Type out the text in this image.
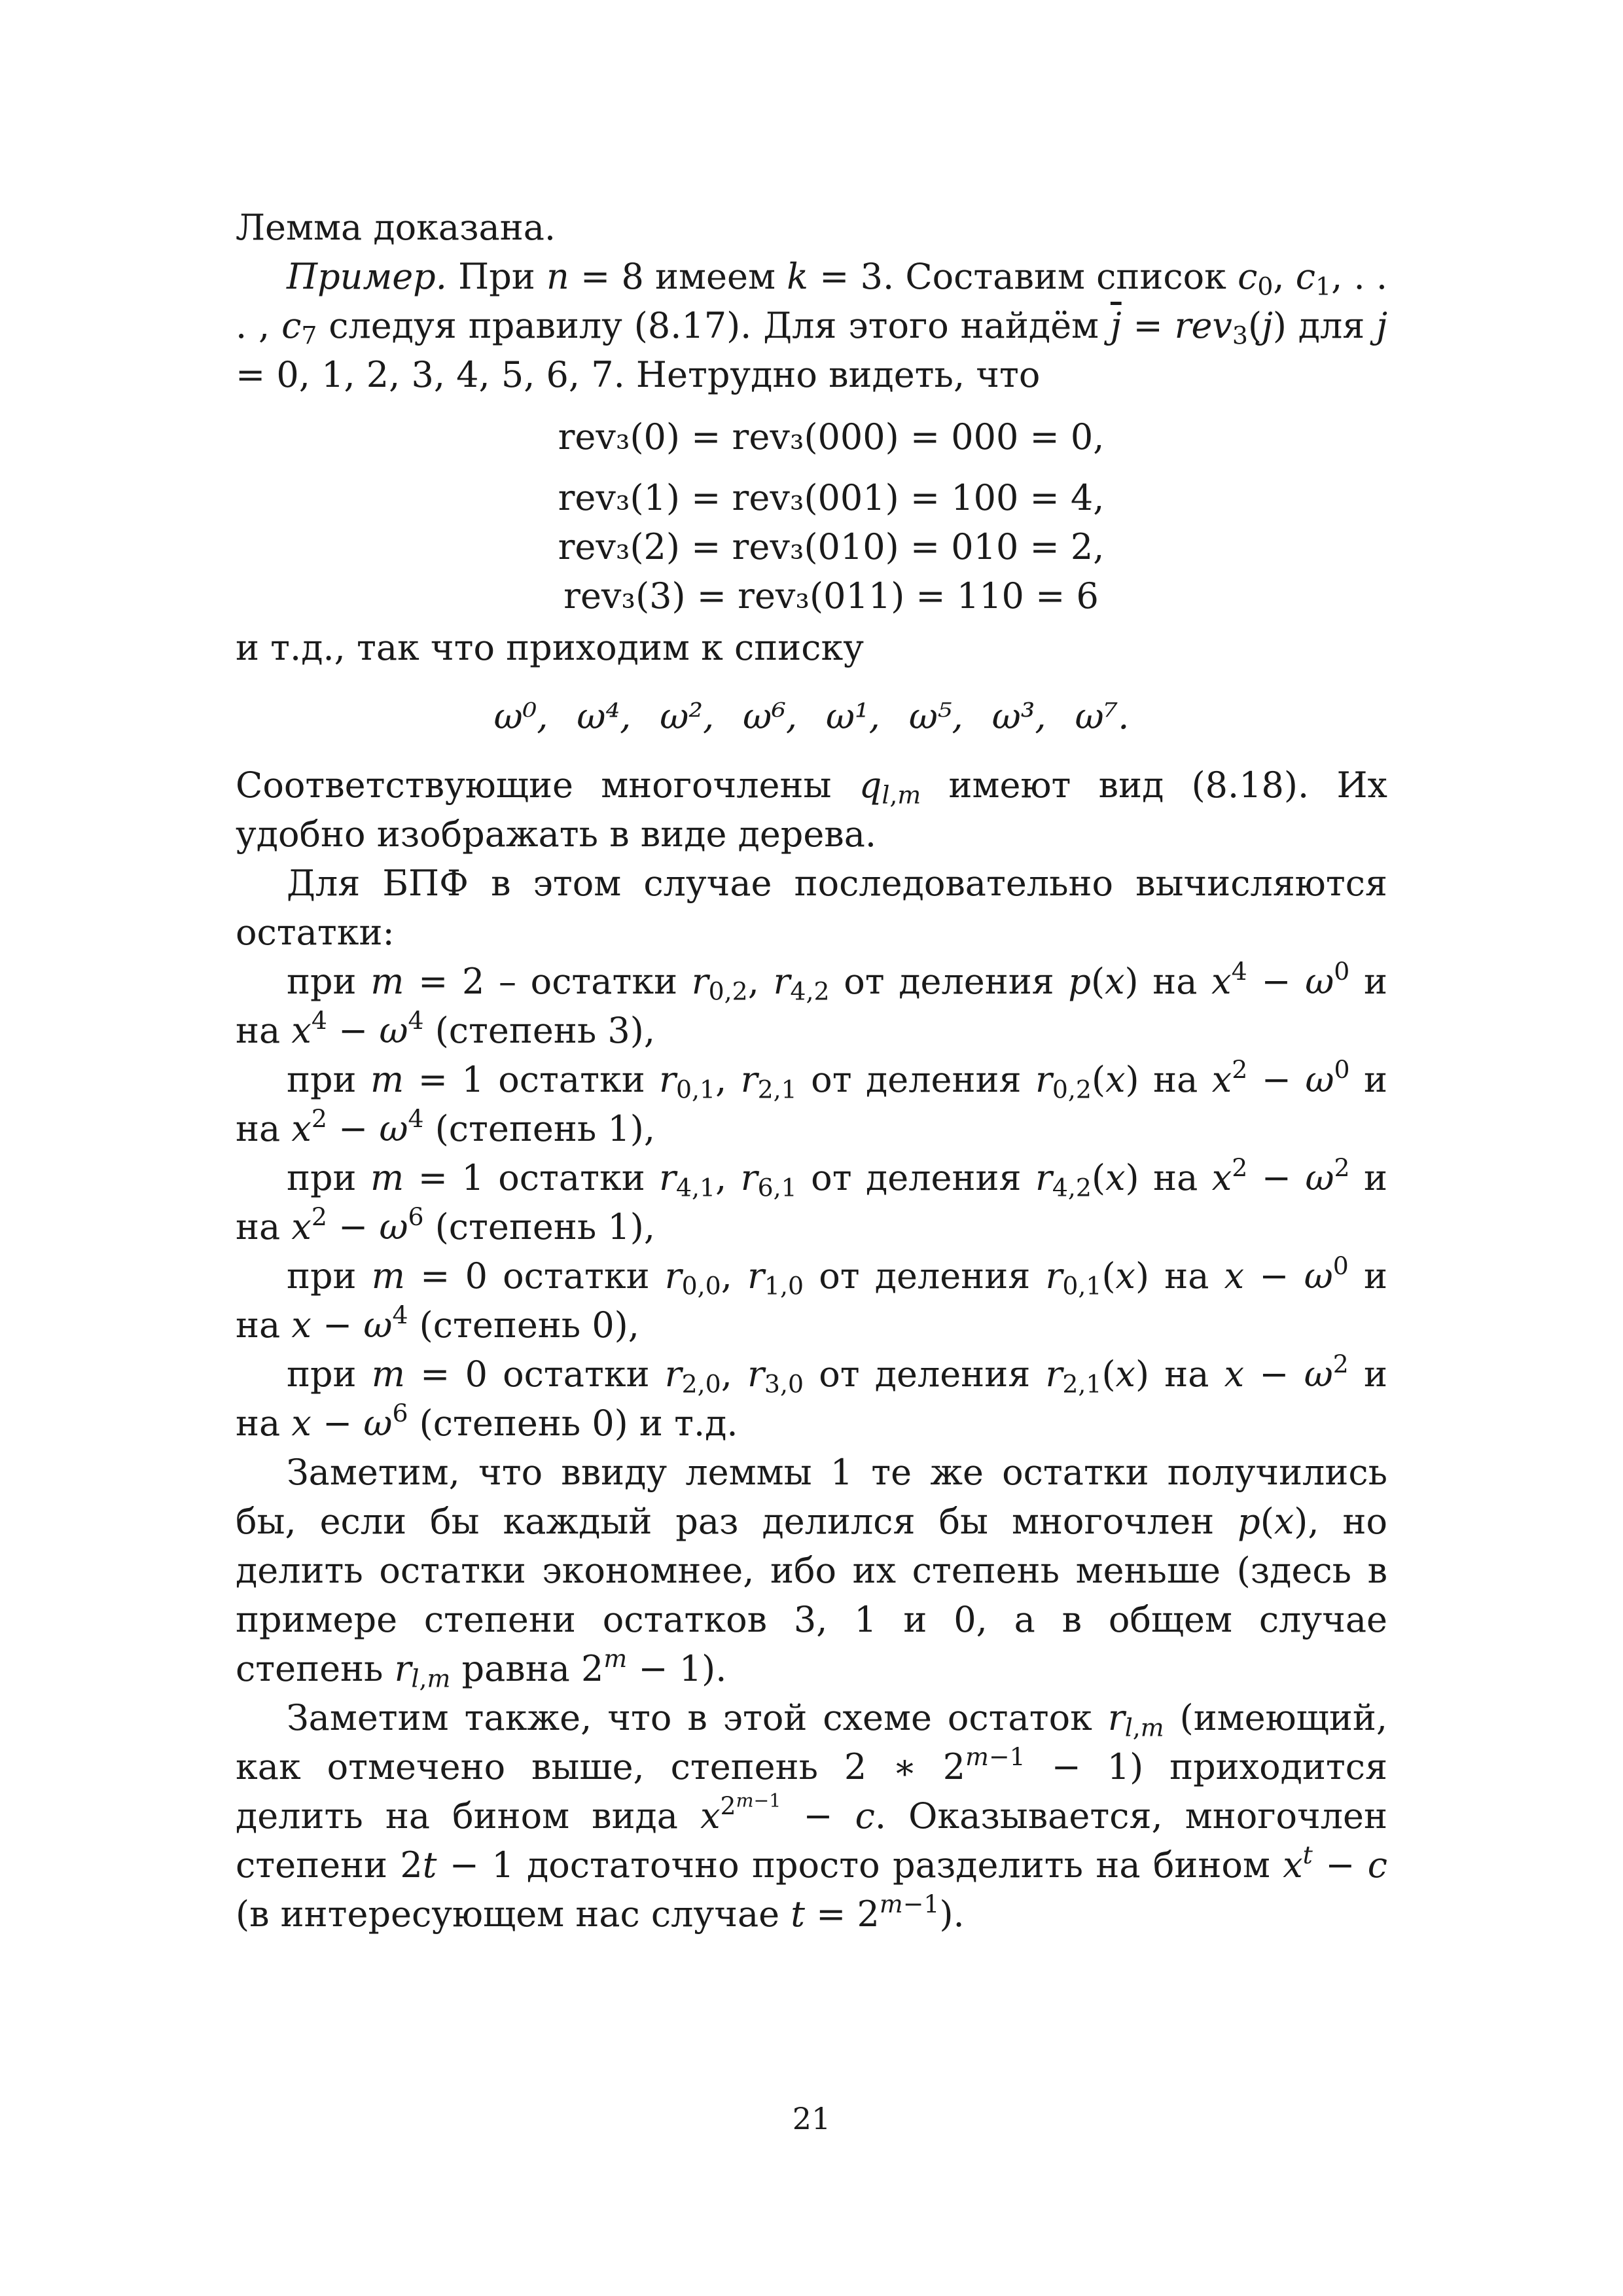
Лемма доказана.

Пример. При n = 8 имеем k = 3. Составим список $c_0$, $c_1$, . . . , $c_7$ следуя правилу (8.17). Для этого найдём $\overline{j} = rev_3(j)$ для j = 0, 1, 2, 3, 4, 5, 6, 7. Нетрудно видеть, что

rev₃(0) = rev₃(000) = 000 = 0,

rev₃(1) = rev₃(001) = 100 = 4,

rev₃(2) = rev₃(010) = 010 = 2,

rev₃(3) = rev₃(011) = 110 = 6

и т.д., так что приходим к списку

ω⁰, ω⁴, ω², ω⁶, ω¹, ω⁵, ω³, ω⁷.

Соответствующие многочлены $q_{l,m}$ имеют вид (8.18). Их удобно изображать в виде дерева.

Для БПФ в этом случае последовательно вычисляются остатки:

при m = 2 – остатки $r_{0,2}$, $r_{4,2}$ от деления p(x) на $x^4 - \omega^0$ и на $x^4 - \omega^4$ (степень 3),

при m = 1 остатки $r_{0,1}$, $r_{2,1}$ от деления $r_{0,2}(x)$ на $x^2 - \omega^0$ и на $x^2 - \omega^4$ (степень 1),

при m = 1 остатки $r_{4,1}$, $r_{6,1}$ от деления $r_{4,2}(x)$ на $x^2 - \omega^2$ и на $x^2 - \omega^6$ (степень 1),

при m = 0 остатки $r_{0,0}$, $r_{1,0}$ от деления $r_{0,1}(x)$ на $x - \omega^0$ и на $x - \omega^4$ (степень 0),

при m = 0 остатки $r_{2,0}$, $r_{3,0}$ от деления $r_{2,1}(x)$ на $x - \omega^2$ и на $x - \omega^6$ (степень 0) и т.д.

Заметим, что ввиду леммы 1 те же остатки получились бы, если бы каждый раз делился бы многочлен p(x), но делить остатки экономнее, ибо их степень меньше (здесь в примере степени остатков 3, 1 и 0, а в общем случае степень $r_{l,m}$ равна $2^m - 1$).

Заметим также, что в этой схеме остаток $r_{l,m}$ (имеющий, как отмечено выше, степень 2 ∗ $2^{m-1} - 1$) приходится делить на бином вида $x^{2^{m-1}} - c$. Оказывается, многочлен степени 2t − 1 достаточно просто разделить на бином $x^t - c$ (в интересующем нас случае $t = 2^{m-1}$).

21
